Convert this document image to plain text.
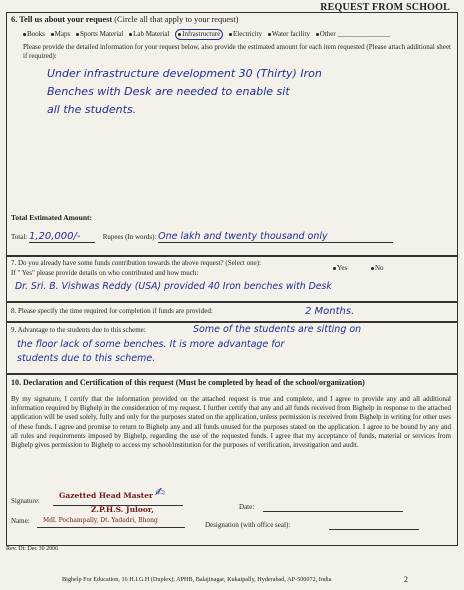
REQUEST FROM SCHOOL
6. Tell us about your request (Circle all that apply to your request)
Books Maps Sports Material Lab Material Infrastructure Electricity Water facility Other _______________
Please provide the detailed information for your request below, also provide the estimated amount for each item requested (Please attach additional sheet if required):
Under infrastructure development 30 (Thirty) Iron
Benches with Desk are needed to enable sit
all the students.
Total Estimated Amount:
Total: 1,20,000/-	Rupees (In words): One lakh and twenty thousand only
7. Do you already have some funds contribution towards the above request? (Select one):
Yes	No
If " Yes" please provide details on who contributed and how much:
Dr. Sri. B. Vishwas Reddy (USA) provided 40 Iron benches with Desk
8. Please specify the time required for completion if funds are provided:	2 Months.
9. Advantage to the students due to this scheme:	Some of the students are sitting on
the floor lack of some benches. It is more advantage for
students due to this scheme.
10. Declaration and Certification of this request (Must be completed by head of the school/organization)
By my signature, I certify that the information provided on the attached request is true and complete, and I agree to provide any and all additional information required by Bighelp in the consideration of my request. I further certify that any and all funds received from Bighelp in response to the attached application will be used solely, fully and only for the purposes stated on the application, unless permission is received from Bighelp in writing for other uses of these funds. I agree and promise to return to Bighelp any and all funds unused for the purposes stated on the application. I agree to be bound by any and all rules and requirements imposed by Bighelp, regarding the use of the requested funds. I agree that my acceptance of funds, material or services from Bighelp gives permission to Bighelp to access my school/institution for the purposes of verification, investigation and audit.
Signature:
Gazetted Head Master
Z.P.H.S. Juloor,
Mdl. Pochampally, Dt. Yadadri, Bhong
✍
Date:
Name:	Designation (with office seal):
Rev. Dt: Dec 30 2006
Bighelp For Education, 16 H.I.G.H (Duplex); APHB, Balajinagar, Kukatpally, Hyderabad, AP-500072, India	2
